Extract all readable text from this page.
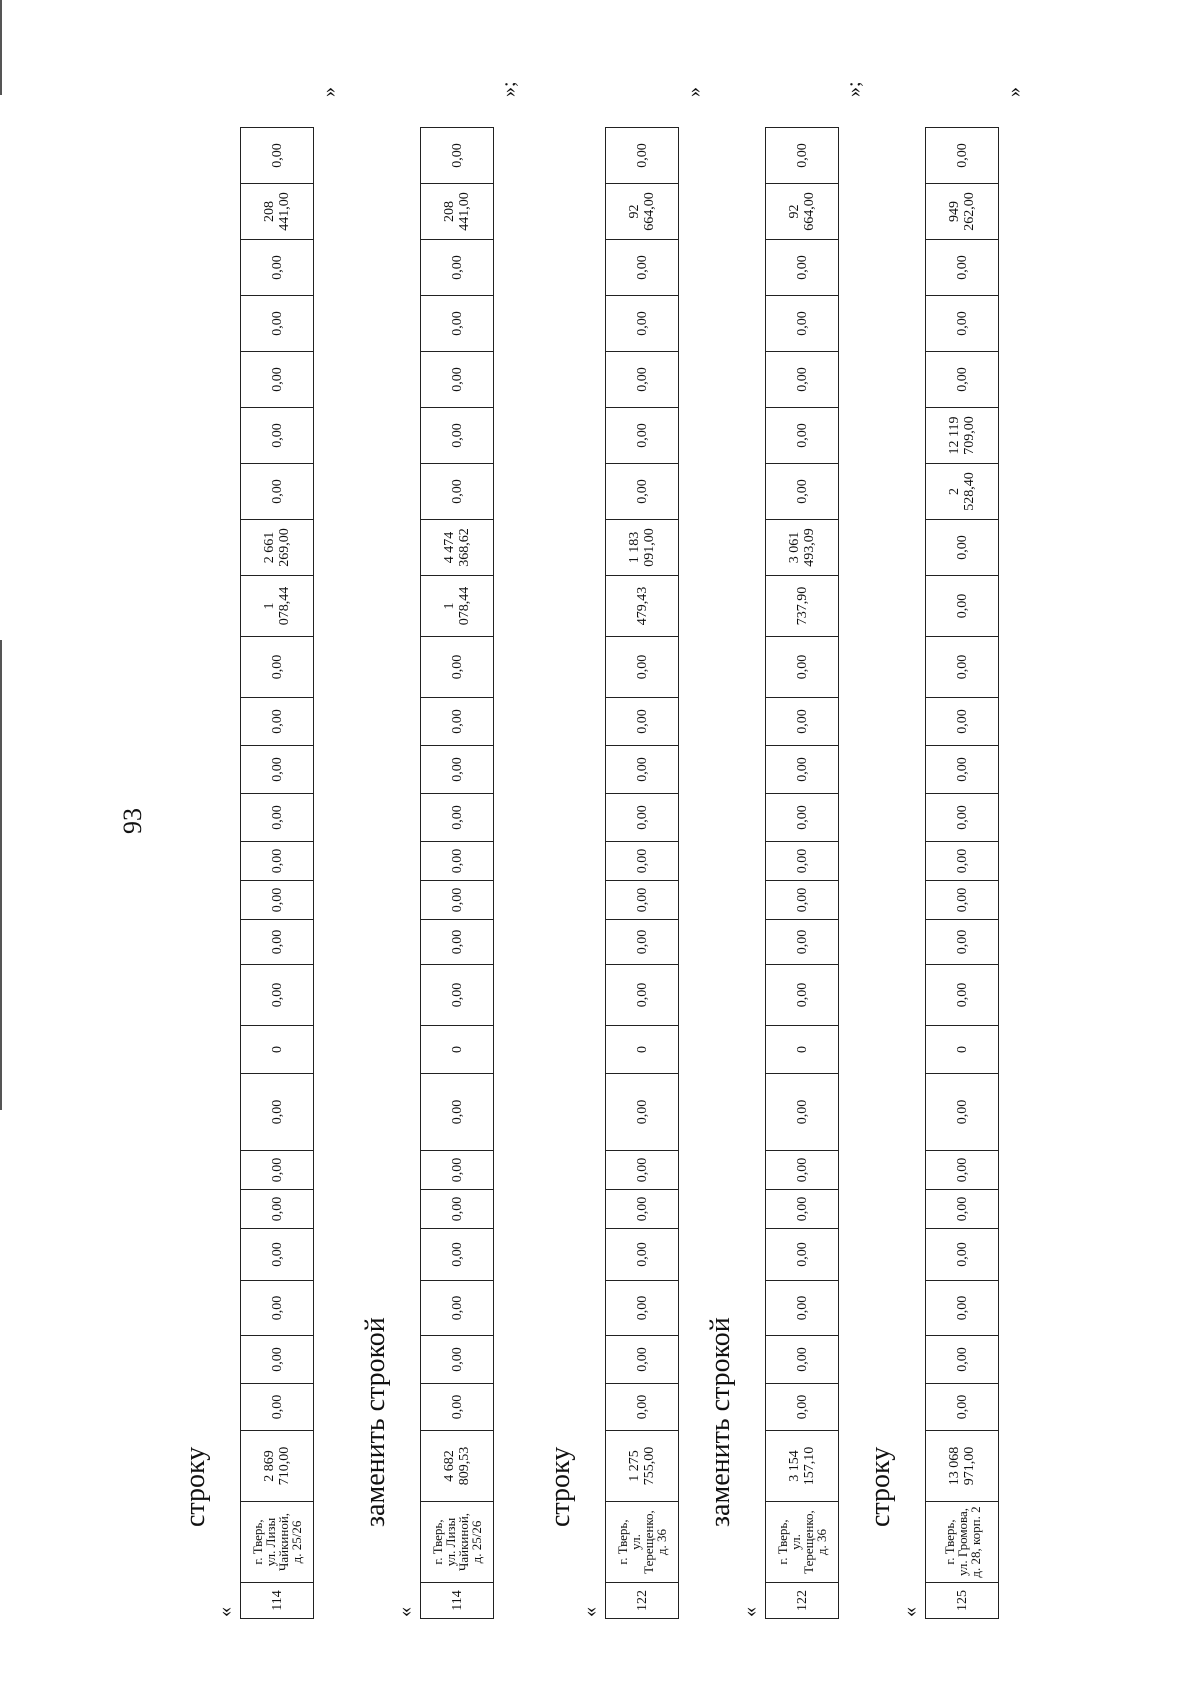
93
строку
«
114	г. Тверь,
ул. Лизы
Чайкиной,
д. 25/26	2 869
710,00	0,00	0,00	0,00	0,00	0,00	0,00	0,00	0	0,00	0,00	0,00	0,00	0,00	0,00	0,00	0,00	1
078,44	2 661
269,00	0,00	0,00	0,00	0,00	0,00	208
441,00	0,00
»
заменить строкой
«
114	г. Тверь,
ул. Лизы
Чайкиной,
д. 25/26	4 682
809,53	0,00	0,00	0,00	0,00	0,00	0,00	0,00	0	0,00	0,00	0,00	0,00	0,00	0,00	0,00	0,00	1
078,44	4 474
368,62	0,00	0,00	0,00	0,00	0,00	208
441,00	0,00
»;
строку
«
122	г. Тверь,
ул. Терещенко,
д. 36	1 275
755,00	0,00	0,00	0,00	0,00	0,00	0,00	0,00	0	0,00	0,00	0,00	0,00	0,00	0,00	0,00	0,00	479,43	1 183
091,00	0,00	0,00	0,00	0,00	0,00	92
664,00	0,00
»
заменить строкой
«
122	г. Тверь,
ул. Терещенко,
д. 36	3 154
157,10	0,00	0,00	0,00	0,00	0,00	0,00	0,00	0	0,00	0,00	0,00	0,00	0,00	0,00	0,00	0,00	737,90	3 061
493,09	0,00	0,00	0,00	0,00	0,00	92
664,00	0,00
»;
строку
«
125	г. Тверь,
ул. Громова,
д. 28, корп. 2	13 068
971,00	0,00	0,00	0,00	0,00	0,00	0,00	0,00	0	0,00	0,00	0,00	0,00	0,00	0,00	0,00	0,00	0,00	0,00	2
528,40	12 119
709,00	0,00	0,00	0,00	949
262,00	0,00
»
